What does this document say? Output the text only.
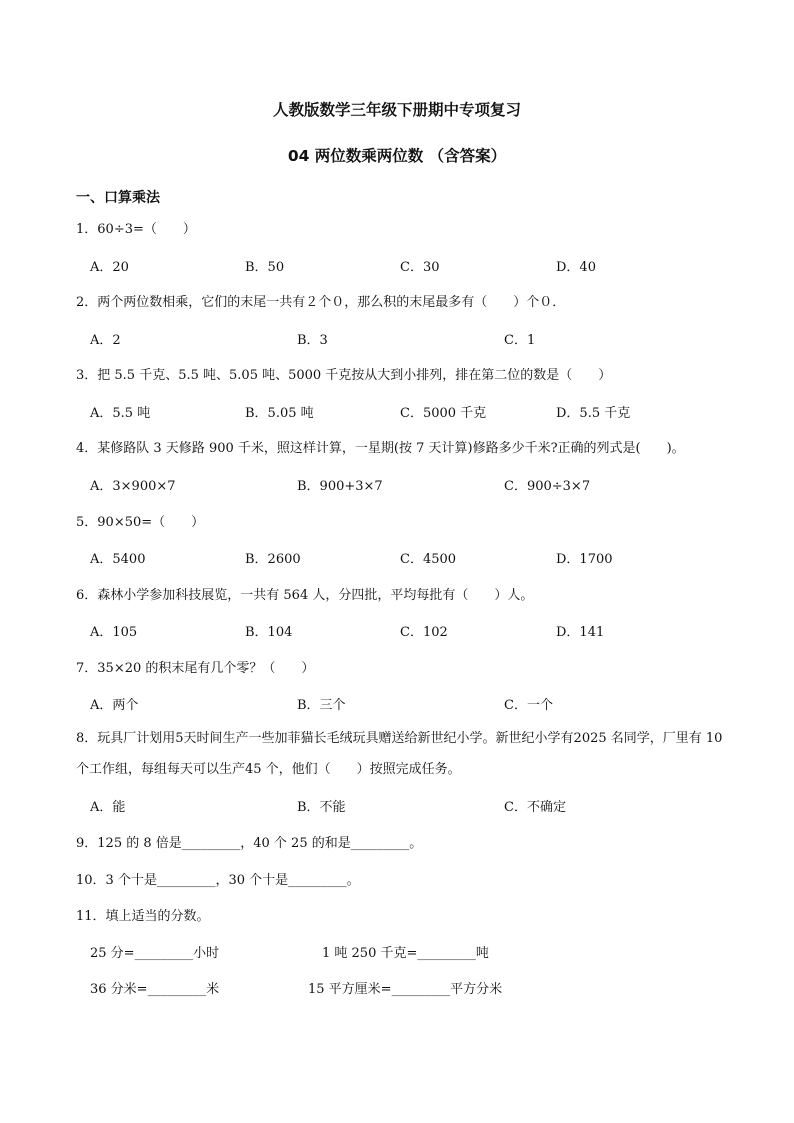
人教版数学三年级下册期中专项复习
04 两位数乘两位数 （含答案）
一、口算乘法
1．60÷3=（　　）
A．20	B．50	C．30	D．40
2．两个两位数相乘，它们的末尾一共有２个０，那么积的末尾最多有（　　）个０．
A．2	B．3	C．1
3．把 5.5 千克、5.5 吨、5.05 吨、5000 千克按从大到小排列，排在第二位的数是（　　）
A．5.5 吨	B．5.05 吨	C．5000 千克	D．5.5 千克
4．某修路队 3 天修路 900 千米，照这样计算，一星期(按 7 天计算)修路多少千米?正确的列式是(　　)。
A．3×900×7	B．900+3×7	C．900÷3×7
5．90×50=（　　）
A．5400	B．2600	C．4500	D．1700
6．森林小学参加科技展览，一共有 564 人，分四批，平均每批有（　　）人。
A．105	B．104	C．102	D．141
7．35×20 的积末尾有几个零？（　　）
A．两个	B．三个	C．一个
8．玩具厂计划用5天时间生产一些加菲猫长毛绒玩具赠送给新世纪小学。新世纪小学有2025 名同学，厂里有 10 个工作组，每组每天可以生产45 个，他们（　　）按照完成任务。
A．能	B．不能	C．不确定
9．125 的 8 倍是_________，40 个 25 的和是_________。
10．3 个十是_________，30 个十是_________。
11．填上适当的分数。
25 分=_________小时	1 吨 250 千克=_________吨
36 分米=_________米	15 平方厘米=_________平方分米
